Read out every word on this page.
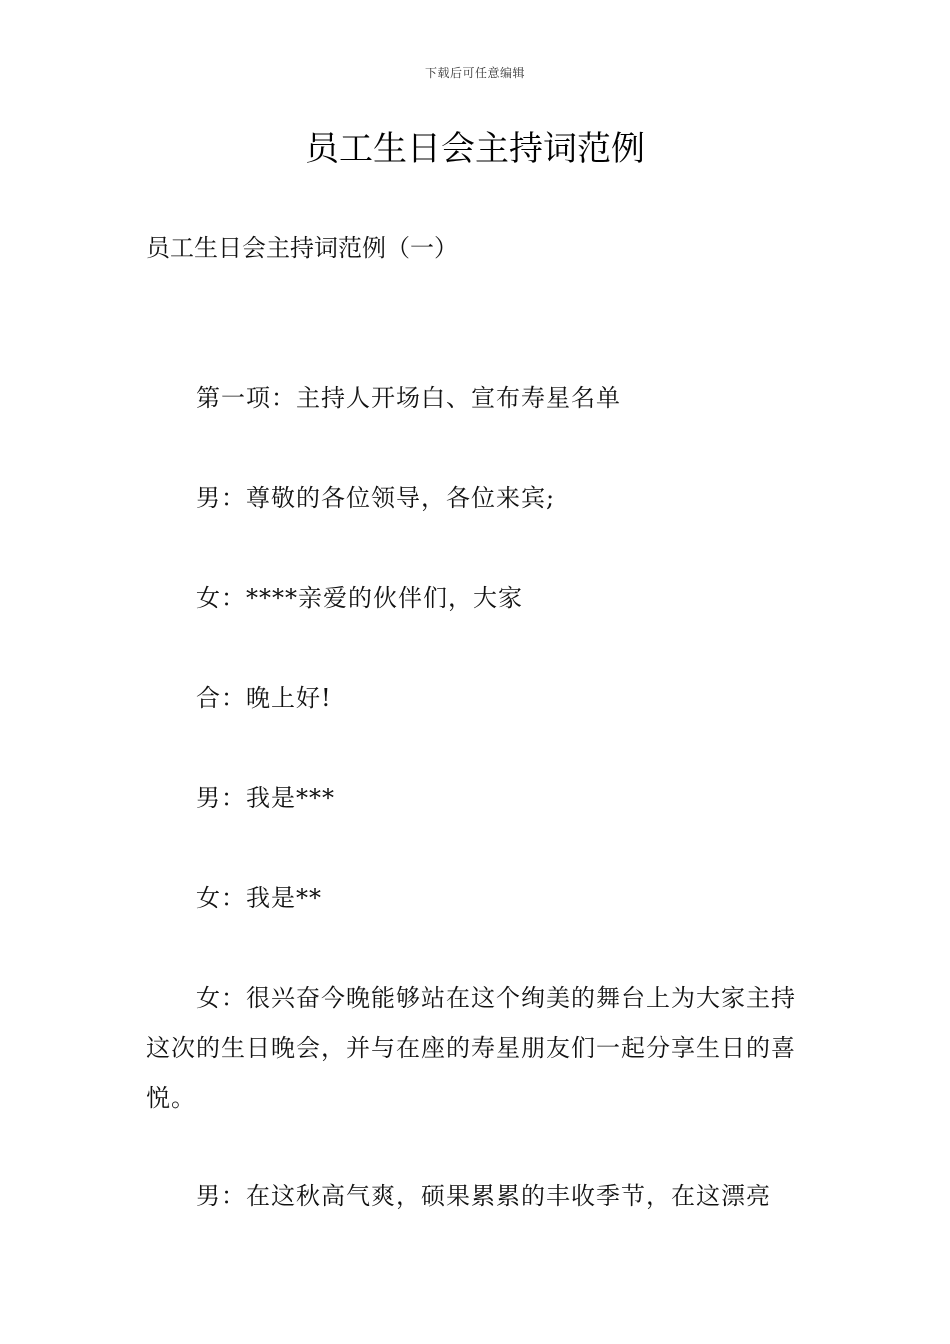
下载后可任意编辑
员工生日会主持词范例
员工生日会主持词范例（一）

第一项：主持人开场白、宣布寿星名单

男：尊敬的各位领导，各位来宾;

女：****亲爱的伙伴们，大家

合：晚上好!

男：我是***

女：我是**

女：很兴奋今晚能够站在这个绚美的舞台上为大家主持这次的生日晚会，并与在座的寿星朋友们一起分享生日的喜悦。

男：在这秋高气爽，硕果累累的丰收季节，在这漂亮
